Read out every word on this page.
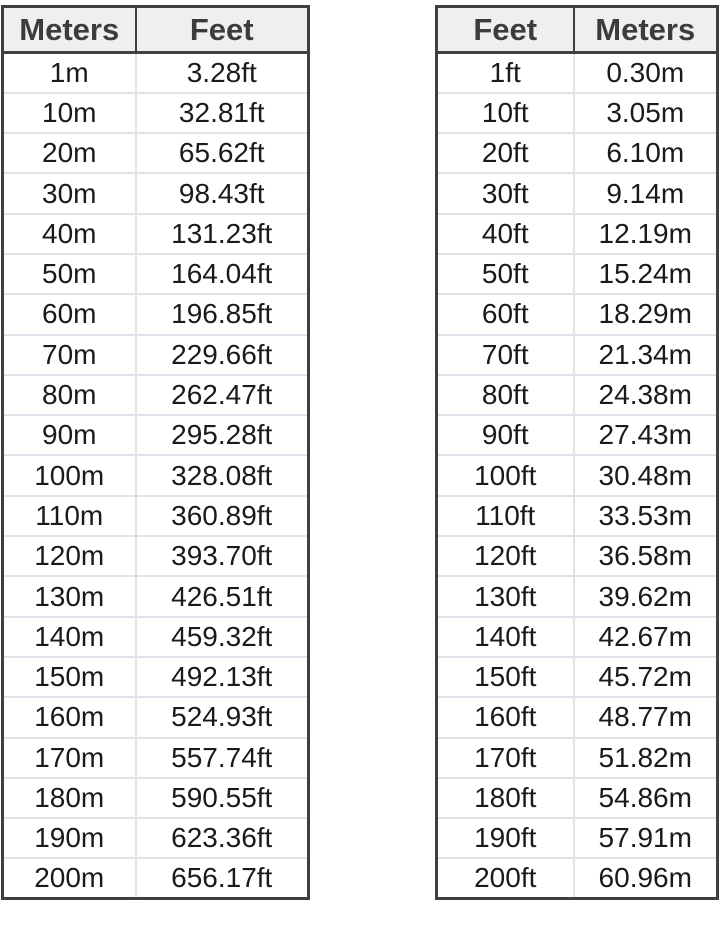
Meters	Feet
1m	3.28ft
10m	32.81ft
20m	65.62ft
30m	98.43ft
40m	131.23ft
50m	164.04ft
60m	196.85ft
70m	229.66ft
80m	262.47ft
90m	295.28ft
100m	328.08ft
110m	360.89ft
120m	393.70ft
130m	426.51ft
140m	459.32ft
150m	492.13ft
160m	524.93ft
170m	557.74ft
180m	590.55ft
190m	623.36ft
200m	656.17ft
Feet	Meters
1ft	0.30m
10ft	3.05m
20ft	6.10m
30ft	9.14m
40ft	12.19m
50ft	15.24m
60ft	18.29m
70ft	21.34m
80ft	24.38m
90ft	27.43m
100ft	30.48m
110ft	33.53m
120ft	36.58m
130ft	39.62m
140ft	42.67m
150ft	45.72m
160ft	48.77m
170ft	51.82m
180ft	54.86m
190ft	57.91m
200ft	60.96m
